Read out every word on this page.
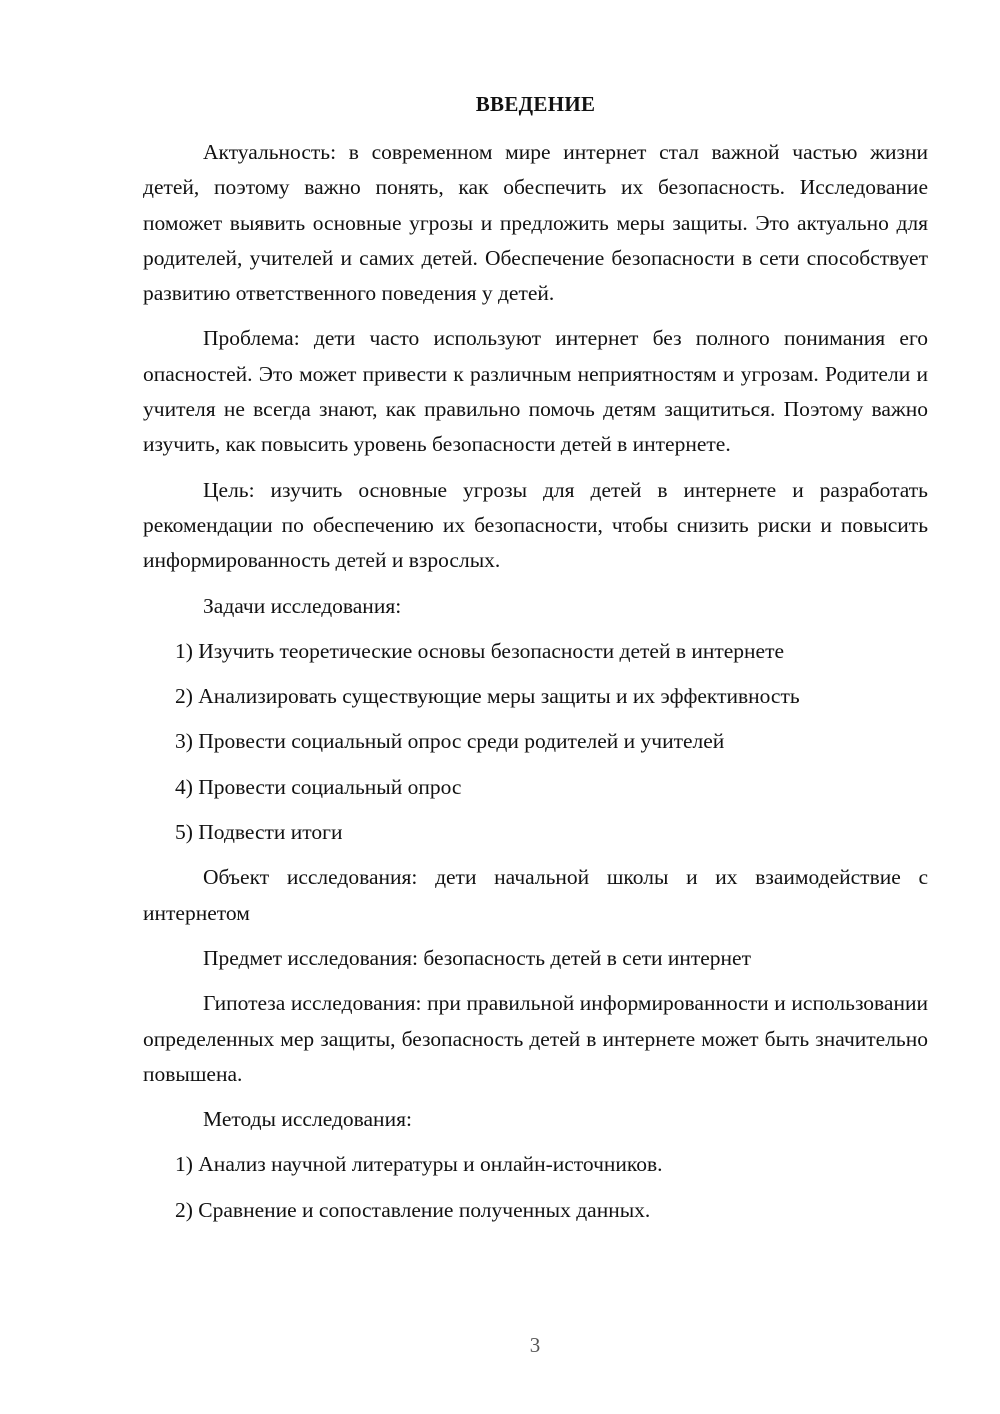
ВВЕДЕНИЕ

Актуальность: в современном мире интернет стал важной частью жизни детей, поэтому важно понять, как обеспечить их безопасность. Исследование поможет выявить основные угрозы и предложить меры защиты. Это актуально для родителей, учителей и самих детей. Обеспечение безопасности в сети способствует развитию ответственного поведения у детей.

Проблема: дети часто используют интернет без полного понимания его опасностей. Это может привести к различным неприятностям и угрозам. Родители и учителя не всегда знают, как правильно помочь детям защититься. Поэтому важно изучить, как повысить уровень безопасности детей в интернете.

Цель: изучить основные угрозы для детей в интернете и разработать рекомендации по обеспечению их безопасности, чтобы снизить риски и повысить информированность детей и взрослых.

Задачи исследования:

1) Изучить теоретические основы безопасности детей в интернете
2) Анализировать существующие меры защиты и их эффективность
3) Провести социальный опрос среди родителей и учителей
4) Провести социальный опрос
5) Подвести итоги

Объект исследования: дети начальной школы и их взаимодействие с интернетом

Предмет исследования: безопасность детей в сети интернет

Гипотеза исследования: при правильной информированности и использовании определенных мер защиты, безопасность детей в интернете может быть значительно повышена.

Методы исследования:

1) Анализ научной литературы и онлайн-источников.
2) Сравнение и сопоставление полученных данных.
3
